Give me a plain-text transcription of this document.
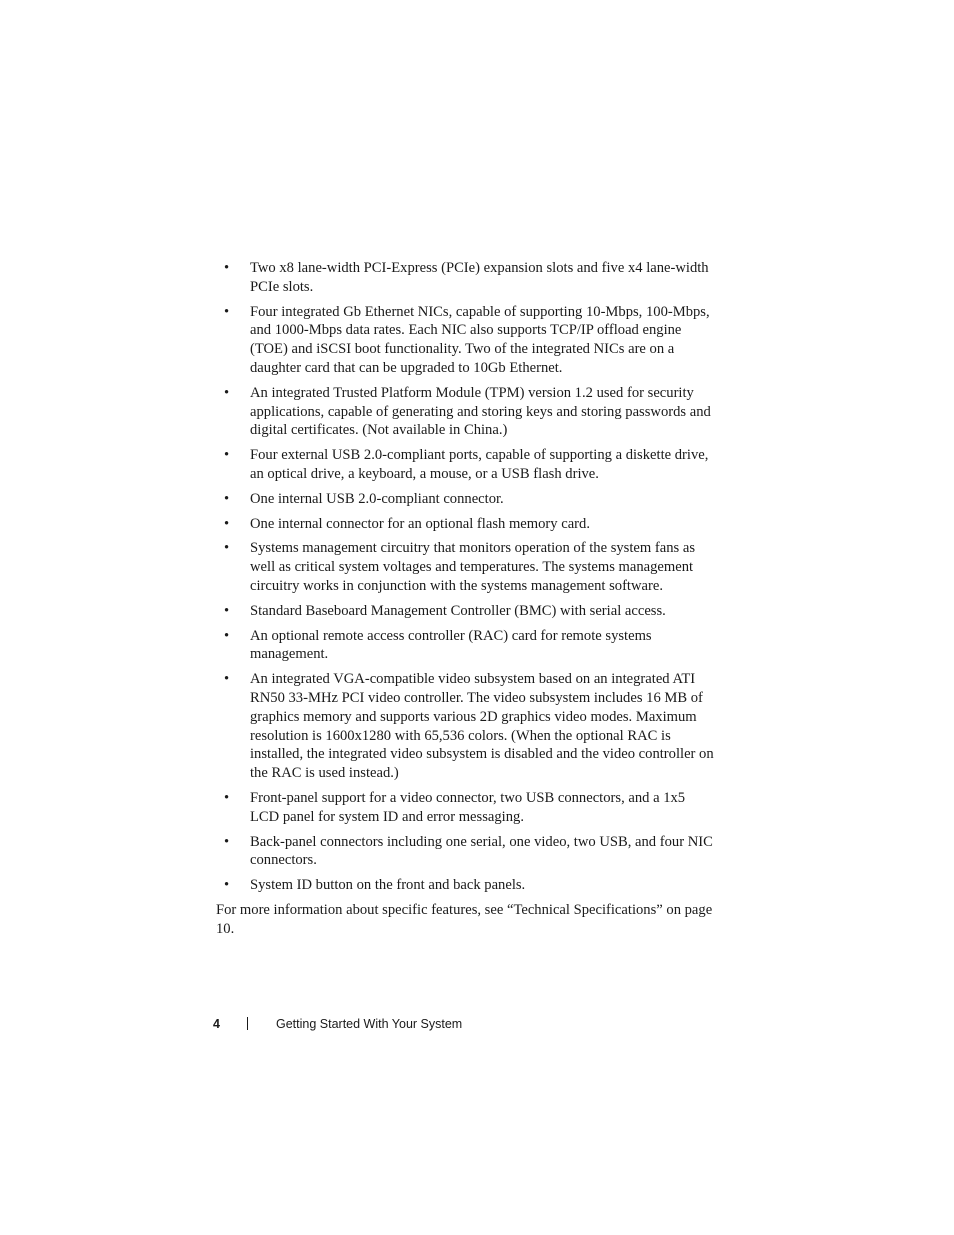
• Two x8 lane-width PCI-Express (PCIe) expansion slots and five x4 lane-width PCIe slots.
• Four integrated Gb Ethernet NICs, capable of supporting 10-Mbps, 100-Mbps, and 1000-Mbps data rates. Each NIC also supports TCP/IP offload engine (TOE) and iSCSI boot functionality. Two of the integrated NICs are on a daughter card that can be upgraded to 10Gb Ethernet.
• An integrated Trusted Platform Module (TPM) version 1.2 used for security applications, capable of generating and storing keys and storing passwords and digital certificates. (Not available in China.)
• Four external USB 2.0-compliant ports, capable of supporting a diskette drive, an optical drive, a keyboard, a mouse, or a USB flash drive.
• One internal USB 2.0-compliant connector.
• One internal connector for an optional flash memory card.
• Systems management circuitry that monitors operation of the system fans as well as critical system voltages and temperatures. The systems management circuitry works in conjunction with the systems management software.
• Standard Baseboard Management Controller (BMC) with serial access.
• An optional remote access controller (RAC) card for remote systems management.
• An integrated VGA-compatible video subsystem based on an integrated ATI RN50 33-MHz PCI video controller. The video subsystem includes 16 MB of graphics memory and supports various 2D graphics video modes. Maximum resolution is 1600x1280 with 65,536 colors. (When the optional RAC is installed, the integrated video subsystem is disabled and the video controller on the RAC is used instead.)
• Front-panel support for a video connector, two USB connectors, and a 1x5 LCD panel for system ID and error messaging.
• Back-panel connectors including one serial, one video, two USB, and four NIC connectors.
• System ID button on the front and back panels.

For more information about specific features, see “Technical Specifications” on page 10.

4	Getting Started With Your System
